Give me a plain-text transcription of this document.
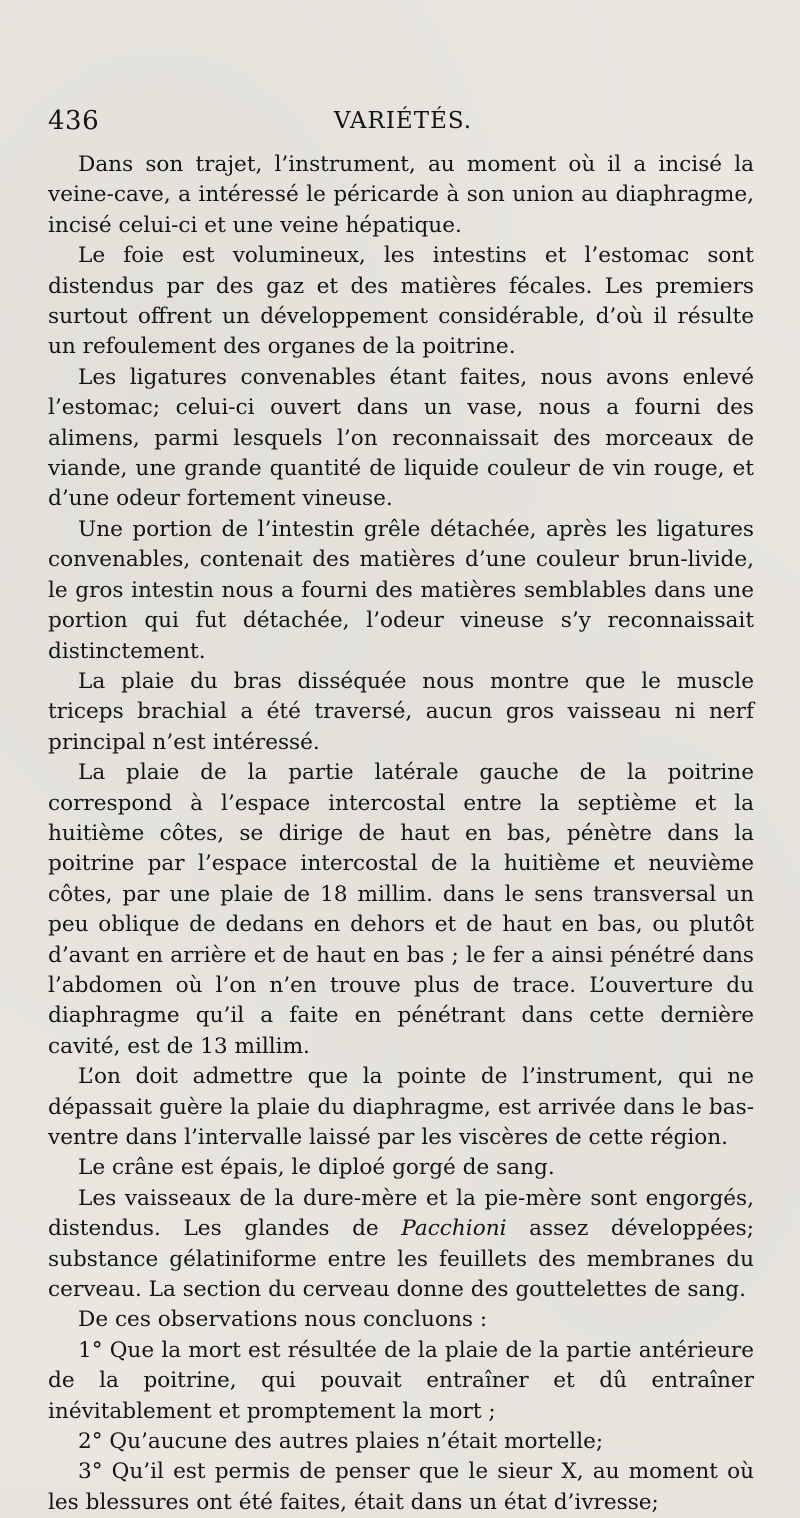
436	VARIÉTÉS.

Dans son trajet, l’instrument, au moment où il a incisé la veine-cave, a intéressé le péricarde à son union au diaphragme, incisé celui-ci et une veine hépatique.

Le foie est volumineux, les intestins et l’estomac sont distendus par des gaz et des matières fécales. Les premiers surtout offrent un développement considérable, d’où il résulte un refoulement des organes de la poitrine.

Les ligatures convenables étant faites, nous avons enlevé l’estomac; celui-ci ouvert dans un vase, nous a fourni des alimens, parmi lesquels l’on reconnaissait des morceaux de viande, une grande quantité de liquide couleur de vin rouge, et d’une odeur fortement vineuse.

Une portion de l’intestin grêle détachée, après les ligatures convenables, contenait des matières d’une couleur brun-livide, le gros intestin nous a fourni des matières semblables dans une portion qui fut détachée, l’odeur vineuse s’y reconnaissait distinctement.

La plaie du bras disséquée nous montre que le muscle triceps brachial a été traversé, aucun gros vaisseau ni nerf principal n’est intéressé.

La plaie de la partie latérale gauche de la poitrine correspond à l’espace intercostal entre la septième et la huitième côtes, se dirige de haut en bas, pénètre dans la poitrine par l’espace intercostal de la huitième et neuvième côtes, par une plaie de 18 millim. dans le sens transversal un peu oblique de dedans en dehors et de haut en bas, ou plutôt d’avant en arrière et de haut en bas ; le fer a ainsi pénétré dans l’abdomen où l’on n’en trouve plus de trace. L’ouverture du diaphragme qu’il a faite en pénétrant dans cette dernière cavité, est de 13 millim.

L’on doit admettre que la pointe de l’instrument, qui ne dépassait guère la plaie du diaphragme, est arrivée dans le bas-ventre dans l’intervalle laissé par les viscères de cette région.

Le crâne est épais, le diploé gorgé de sang.

Les vaisseaux de la dure-mère et la pie-mère sont engorgés, distendus. Les glandes de Pacchioni assez développées; substance gélatiniforme entre les feuillets des membranes du cerveau. La section du cerveau donne des gouttelettes de sang.

De ces observations nous concluons :

1° Que la mort est résultée de la plaie de la partie antérieure de la poitrine, qui pouvait entraîner et dû entraîner inévitablement et promptement la mort ;

2° Qu’aucune des autres plaies n’était mortelle;

3° Qu’il est permis de penser que le sieur X, au moment où les blessures ont été faites, était dans un état d’ivresse;
